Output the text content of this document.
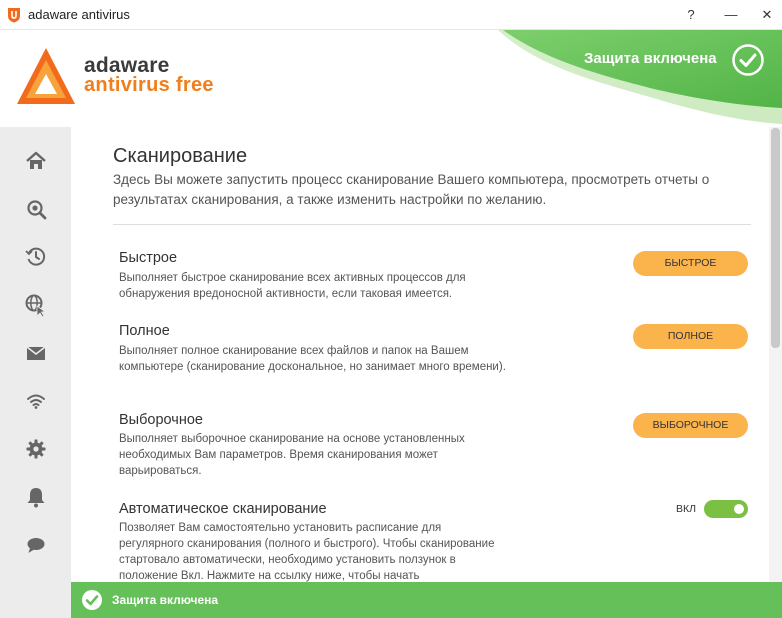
adaware antivirus	?	—	✕
adaware
antivirus free
Защита включена
Сканирование
Здесь Вы можете запустить процесс сканирование Вашего компьютера, просмотреть отчеты о результатах сканирования, а также изменить настройки по желанию.
Быстрое
Выполняет быстрое сканирование всех активных процессов для обнаружения вредоносной активности, если таковая имеется.
БЫСТРОЕ
Полное
Выполняет полное сканирование всех файлов и папок на Вашем компьютере (сканирование доскональное, но занимает много времени).
ПОЛНОЕ
Выборочное
Выполняет выборочное сканирование на основе установленных необходимых Вам параметров. Время сканирования может варьироваться.
ВЫБОРОЧНОЕ
Автоматическое сканирование
Позволяет Вам самостоятельно установить расписание для регулярного сканирования (полного и быстрого). Чтобы сканирование стартовало автоматически, необходимо установить ползунок в положение Вкл. Нажмите на ссылку ниже, чтобы начать
ВКЛ
Защита включена
